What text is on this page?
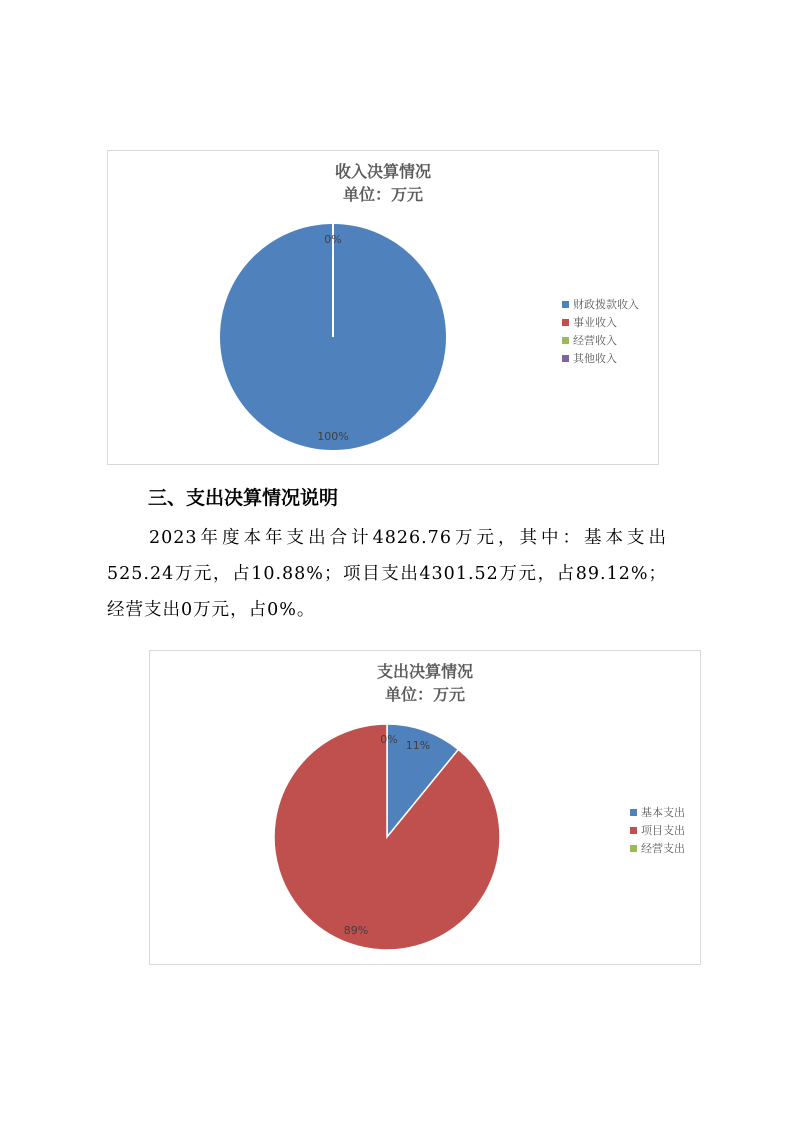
收入决算情况
单位：万元
0%
100%
财政拨款收入
事业收入
经营收入
其他收入
三、支出决算情况说明
2023年度本年支出合计4826.76万元，其中：基本支出525.24万元，占10.88%；项目支出4301.52万元，占89.12%；经营支出0万元，占0%。
支出决算情况
单位：万元
0% 11%
89%
基本支出
项目支出
经营支出
